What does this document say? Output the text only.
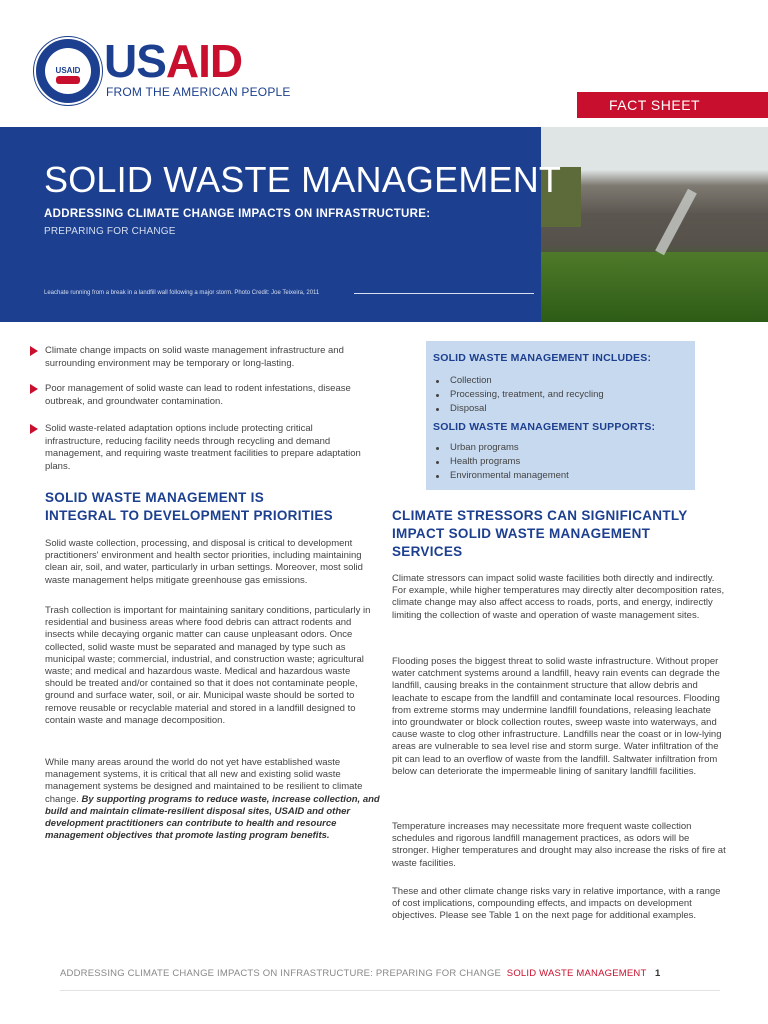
USAID USAID
FROM THE AMERICAN PEOPLE
FACT SHEET
SOLID WASTE MANAGEMENT
ADDRESSING CLIMATE CHANGE IMPACTS ON INFRASTRUCTURE:
PREPARING FOR CHANGE
Leachate running from a break in a landfill wall following a major storm. Photo Credit: Joe Teixeira, 2011
Climate change impacts on solid waste management infrastructure and surrounding environment may be temporary or long-lasting.
Poor management of solid waste can lead to rodent infestations, disease outbreak, and groundwater contamination.
Solid waste-related adaptation options include protecting critical infrastructure, reducing facility needs through recycling and demand management, and requiring waste treatment facilities to prepare adaptation plans.
SOLID WASTE MANAGEMENT IS
INTEGRAL TO DEVELOPMENT PRIORITIES
Solid waste collection, processing, and disposal is critical to development practitioners' environment and health sector priorities, including maintaining clean air, soil, and water, particularly in urban settings. Moreover, most solid waste management helps mitigate greenhouse gas emissions.
Trash collection is important for maintaining sanitary conditions, particularly in residential and business areas where food debris can attract rodents and insects while decaying organic matter can cause unpleasant odors. Once collected, solid waste must be separated and managed by type such as municipal waste; commercial, industrial, and construction waste; agricultural waste; and medical and hazardous waste. Medical and hazardous waste should be treated and/or contained so that it does not contaminate people, ground and surface water, soil, or air. Municipal waste should be sorted to remove reusable or recyclable material and stored in a landfill designed to contain waste and manage decomposition.
While many areas around the world do not yet have established waste management systems, it is critical that all new and existing solid waste management systems be designed and maintained to be resilient to climate change. By supporting programs to reduce waste, increase collection, and build and maintain climate-resilient disposal sites, USAID and other development practitioners can contribute to health and resource management objectives that promote lasting program benefits.
SOLID WASTE MANAGEMENT INCLUDES:
Collection
Processing, treatment, and recycling
Disposal
SOLID WASTE MANAGEMENT SUPPORTS:
Urban programs
Health programs
Environmental management
CLIMATE STRESSORS CAN SIGNIFICANTLY
IMPACT SOLID WASTE MANAGEMENT
SERVICES
Climate stressors can impact solid waste facilities both directly and indirectly. For example, while higher temperatures may directly alter decomposition rates, climate change may also affect access to roads, ports, and energy, indirectly limiting the collection of waste and operation of waste management sites.
Flooding poses the biggest threat to solid waste infrastructure. Without proper water catchment systems around a landfill, heavy rain events can degrade the landfill, causing breaks in the containment structure that allow debris and leachate to escape from the landfill and contaminate local resources. Flooding from extreme storms may undermine landfill foundations, releasing leachate into groundwater or block collection routes, sweep waste into waterways, and cause waste to clog other infrastructure. Landfills near the coast or in low-lying areas are vulnerable to sea level rise and storm surge. Water infiltration of the pit can lead to an overflow of waste from the landfill. Saltwater infiltration from below can deteriorate the impermeable lining of sanitary landfill facilities.
Temperature increases may necessitate more frequent waste collection schedules and rigorous landfill management practices, as odors will be stronger. Higher temperatures and drought may also increase the risks of fire at waste facilities.
These and other climate change risks vary in relative importance, with a range of cost implications, compounding effects, and impacts on development objectives. Please see Table 1 on the next page for additional examples.
ADDRESSING CLIMATE CHANGE IMPACTS ON INFRASTRUCTURE: PREPARING FOR CHANGE SOLID WASTE MANAGEMENT 1
